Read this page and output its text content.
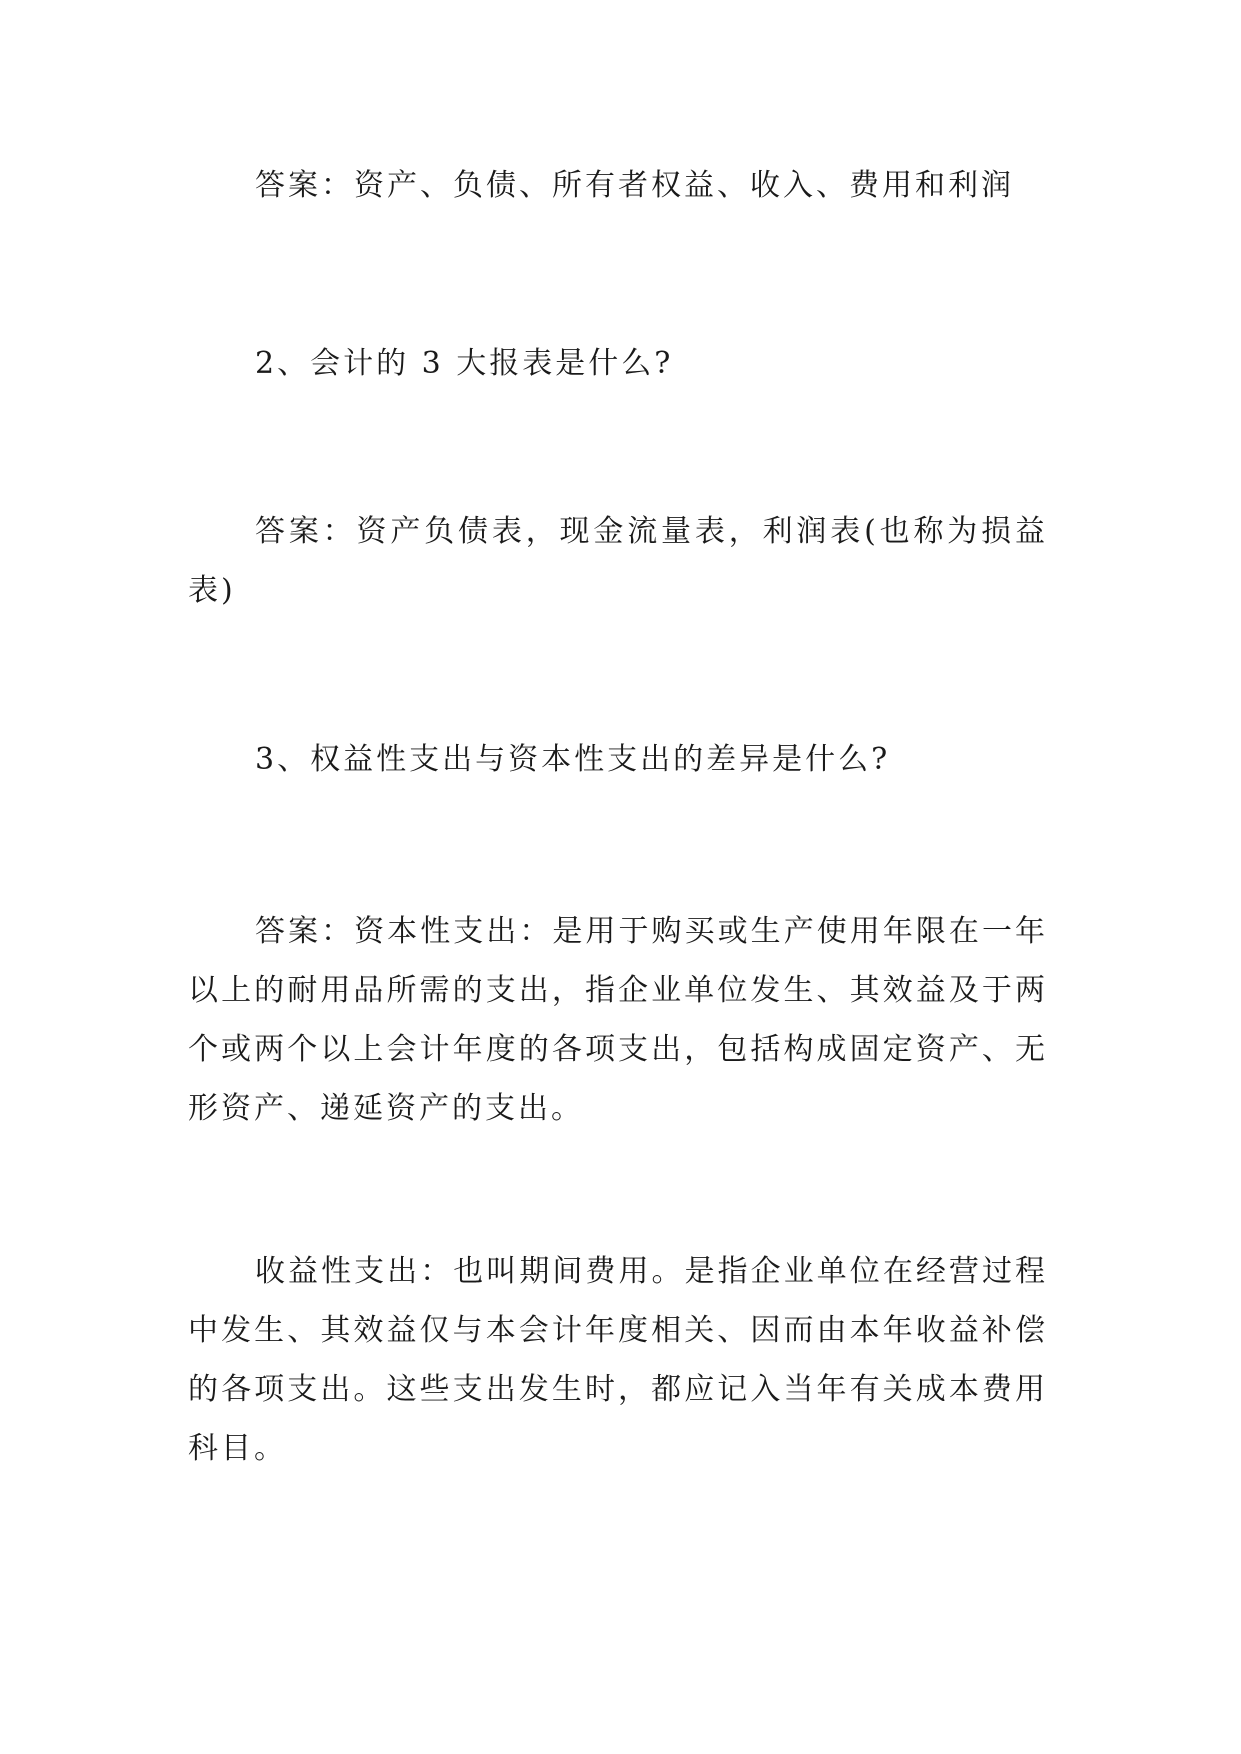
答案：资产、负债、所有者权益、收入、费用和利润

2、会计的 3 大报表是什么?

答案：资产负债表，现金流量表，利润表(也称为损益表)

3、权益性支出与资本性支出的差异是什么?

答案：资本性支出：是用于购买或生产使用年限在一年以上的耐用品所需的支出，指企业单位发生、其效益及于两个或两个以上会计年度的各项支出，包括构成固定资产、无形资产、递延资产的支出。

收益性支出：也叫期间费用。是指企业单位在经营过程中发生、其效益仅与本会计年度相关、因而由本年收益补偿的各项支出。这些支出发生时，都应记入当年有关成本费用科目。
